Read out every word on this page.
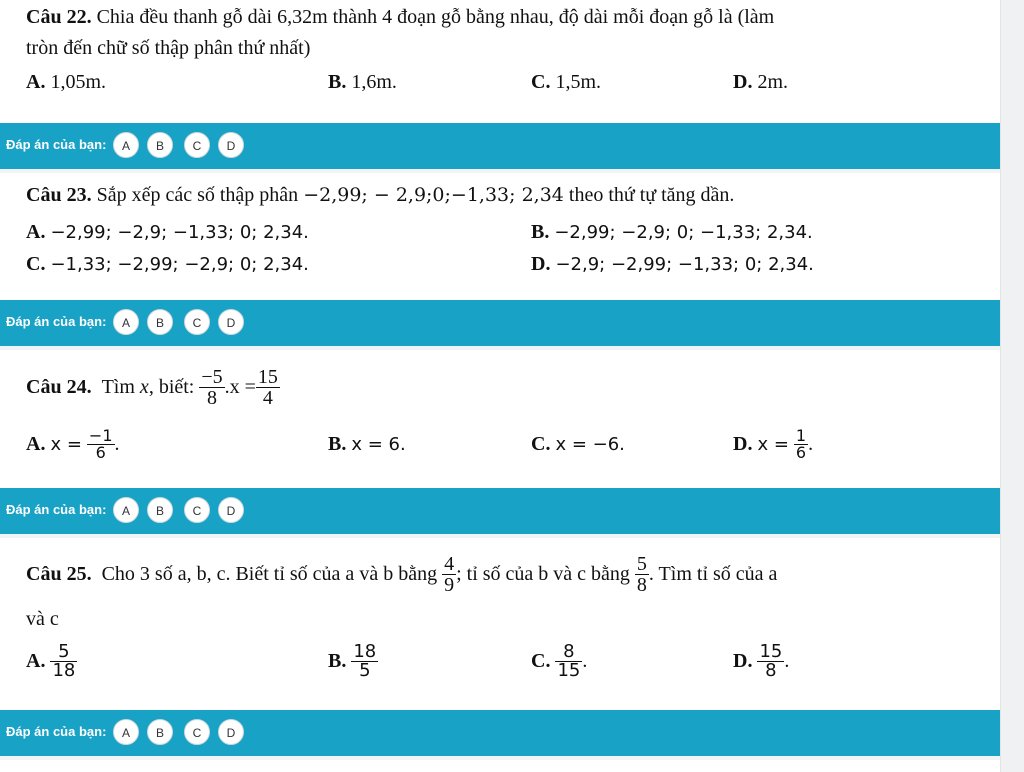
Câu 22. Chia đều thanh gỗ dài 6,32m thành 4 đoạn gỗ bằng nhau, độ dài mỗi đoạn gỗ là (làm
tròn đến chữ số thập phân thứ nhất)
A. 1,05m.	B. 1,6m.	C. 1,5m.	D. 2m.
Đáp án của bạn:	A	B	C	D
Câu 23. Sắp xếp các số thập phân −2,99; − 2,9;0;−1,33; 2,34 theo thứ tự tăng dần.
A. −2,99; −2,9; −1,33; 0; 2,34.	B. −2,99; −2,9; 0; −1,33; 2,34.
C. −1,33; −2,99; −2,9; 0; 2,34.	D. −2,9; −2,99; −1,33; 0; 2,34.
Đáp án của bạn:	A	B	C	D
Câu 24.
Tìm
x , biết:
$\frac{-5}{8} .x = \frac{15}{4}$
A.
x =
$\frac{-1}{6}$ .	B.
x = 6.	C.
x = −6.	D.
x =
$\frac{1}{6}$ .
Đáp án của bạn:	A	B	C	D
Câu 25.
Cho 3 số a, b, c. Biết tỉ số của a và b bằng
$\frac{4}{9}$ ; tỉ số của b và c bằng
$\frac{5}{8}$ . Tìm tỉ số của a
và c
A.
$\frac{5}{18}$	B.
$\frac{18}{5}$	C.
$\frac{8}{15}$ .	D.
$\frac{15}{8}$ .
Đáp án của bạn:	A	B	C	D
